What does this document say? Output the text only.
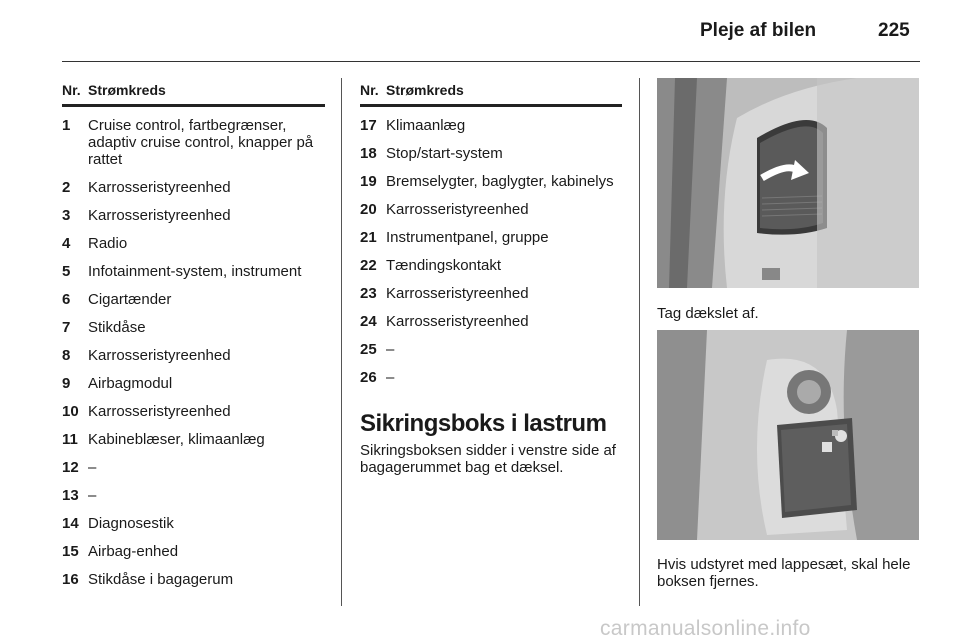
Pleje af bilen	225
Nr. Strømkreds
1	Cruise control, fartbegrænser, adaptiv cruise control, knapper på rattet
2	Karrosseristyreenhed
3	Karrosseristyreenhed
4	Radio
5	Infotainment-system, instrument
6	Cigartænder
7	Stikdåse
8	Karrosseristyreenhed
9	Airbagmodul
10 Karrosseristyreenhed
11 Kabineblæser, klimaanlæg
12 –
13 –
14 Diagnosestik
15 Airbag-enhed
16 Stikdåse i bagagerum
Nr. Strømkreds
17 Klimaanlæg
18 Stop/start-system
19 Bremselygter, baglygter, kabinelys
20 Karrosseristyreenhed
21 Instrumentpanel, gruppe
22 Tændingskontakt
23 Karrosseristyreenhed
24 Karrosseristyreenhed
25 –
26 –
Sikringsboks i lastrum
Sikringsboksen sidder i venstre side af bagagerummet bag et dæksel.
Tag dækslet af.
Hvis udstyret med lappesæt, skal hele boksen fjernes.
carmanualsonline.info
